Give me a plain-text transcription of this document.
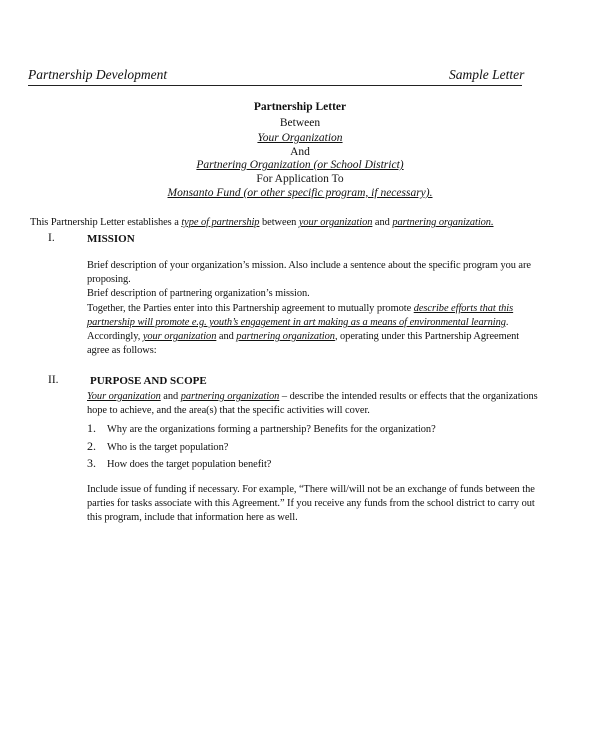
Partnership Development	Sample Letter
Partnership Letter
Between
Your Organization
And
Partnering Organization (or School District)
For Application To
Monsanto Fund (or other specific program, if necessary).
This Partnership Letter establishes a type of partnership between your organization and partnering organization.
I.	MISSION
Brief description of your organization’s mission. Also include a sentence about the specific program you are
proposing.
Brief description of partnering organization’s mission.
Together, the Parties enter into this Partnership agreement to mutually promote describe efforts that this
partnership will promote e.g. youth’s engagement in art making as a means of environmental learning.
Accordingly, your organization and partnering organization, operating under this Partnership Agreement
agree as follows:
II.	PURPOSE AND SCOPE
Your organization and partnering organization – describe the intended results or effects that the organizations
hope to achieve, and the area(s) that the specific activities will cover.
1. Why are the organizations forming a partnership? Benefits for the organization?
2. Who is the target population?
3. How does the target population benefit?
Include issue of funding if necessary. For example, “There will/will not be an exchange of funds between the
parties for tasks associate with this Agreement.” If you receive any funds from the school district to carry out
this program, include that information here as well.
